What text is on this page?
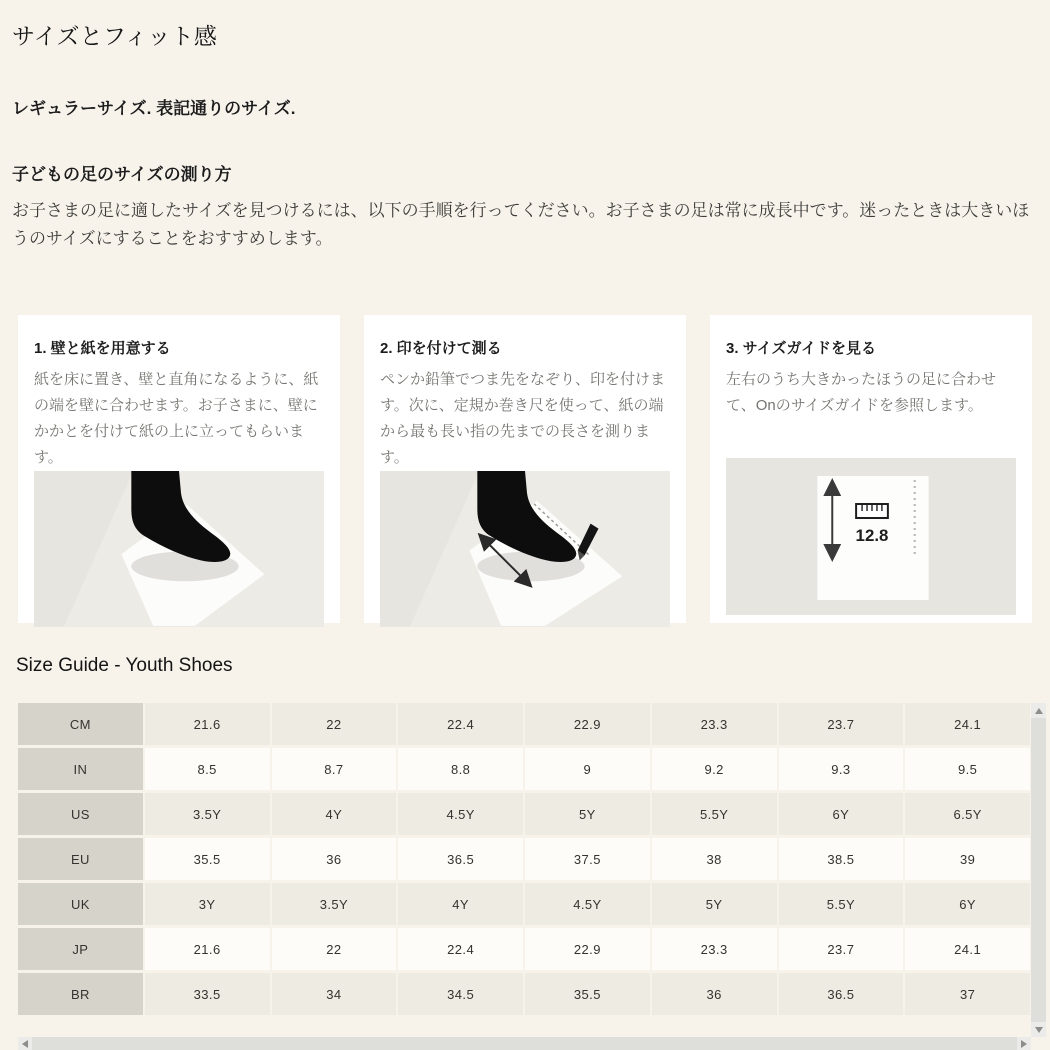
サイズとフィット感
レギュラーサイズ. 表記通りのサイズ.
子どもの足のサイズの測り方
お子さまの足に適したサイズを見つけるには、以下の手順を行ってください。お子さまの足は常に成長中です。迷ったときは大きいほうのサイズにすることをおすすめします。
1. 壁と紙を用意する

紙を床に置き、壁と直角になるように、紙の端を壁に合わせます。お子さまに、壁にかかとを付けて紙の上に立ってもらいます。

2. 印を付けて測る

ペンか鉛筆でつま先をなぞり、印を付けます。次に、定規か巻き尺を使って、紙の端から最も長い指の先までの長さを測ります。

3. サイズガイドを見る

左右のうち大きかったほうの足に合わせて、Onのサイズガイドを参照します。

12.8
Size Guide - Youth Shoes
CM	21.6	22	22.4	22.9	23.3	23.7	24.1
IN	8.5	8.7	8.8	9	9.2	9.3	9.5
US	3.5Y	4Y	4.5Y	5Y	5.5Y	6Y	6.5Y
EU	35.5	36	36.5	37.5	38	38.5	39
UK	3Y	3.5Y	4Y	4.5Y	5Y	5.5Y	6Y
JP	21.6	22	22.4	22.9	23.3	23.7	24.1
BR	33.5	34	34.5	35.5	36	36.5	37
